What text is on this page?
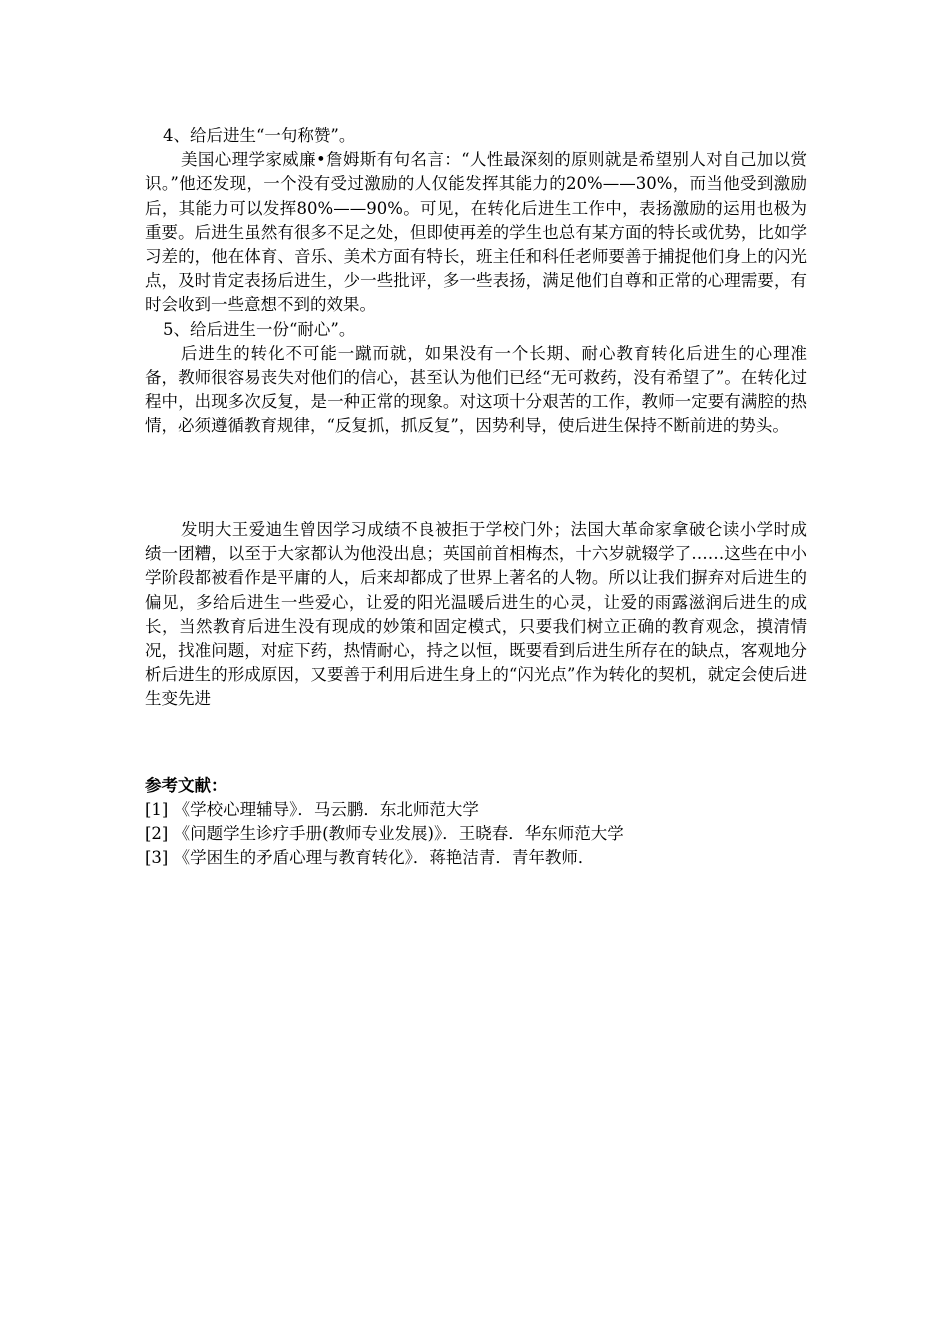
4、给后进生“一句称赞”。

美国心理学家威廉•詹姆斯有句名言：“人性最深刻的原则就是希望别人对自己加以赏识。”他还发现，一个没有受过激励的人仅能发挥其能力的20%——30%，而当他受到激励后，其能力可以发挥80%——90%。可见，在转化后进生工作中，表扬激励的运用也极为重要。后进生虽然有很多不足之处，但即使再差的学生也总有某方面的特长或优势，比如学习差的，他在体育、音乐、美术方面有特长，班主任和科任老师要善于捕捉他们身上的闪光点，及时肯定表扬后进生，少一些批评，多一些表扬，满足他们自尊和正常的心理需要，有时会收到一些意想不到的效果。

5、给后进生一份“耐心”。

后进生的转化不可能一蹴而就，如果没有一个长期、耐心教育转化后进生的心理准备，教师很容易丧失对他们的信心，甚至认为他们已经“无可救药，没有希望了”。在转化过程中，出现多次反复，是一种正常的现象。对这项十分艰苦的工作，教师一定要有满腔的热情，必须遵循教育规律，“反复抓，抓反复”，因势利导，使后进生保持不断前进的势头。

发明大王爱迪生曾因学习成绩不良被拒于学校门外；法国大革命家拿破仑读小学时成绩一团糟，以至于大家都认为他没出息；英国前首相梅杰，十六岁就辍学了……这些在中小学阶段都被看作是平庸的人，后来却都成了世界上著名的人物。所以让我们摒弃对后进生的偏见，多给后进生一些爱心，让爱的阳光温暖后进生的心灵，让爱的雨露滋润后进生的成长，当然教育后进生没有现成的妙策和固定模式，只要我们树立正确的教育观念，摸清情况，找准问题，对症下药，热情耐心，持之以恒，既要看到后进生所存在的缺点，客观地分析后进生的形成原因，又要善于利用后进生身上的“闪光点”作为转化的契机，就定会使后进生变先进

参考文献：

[1] 《学校心理辅导》．马云鹏．东北师范大学

[2] 《问题学生诊疗手册(教师专业发展)》．王晓春．华东师范大学

[3] 《学困生的矛盾心理与教育转化》．蒋艳洁青．青年教师．
